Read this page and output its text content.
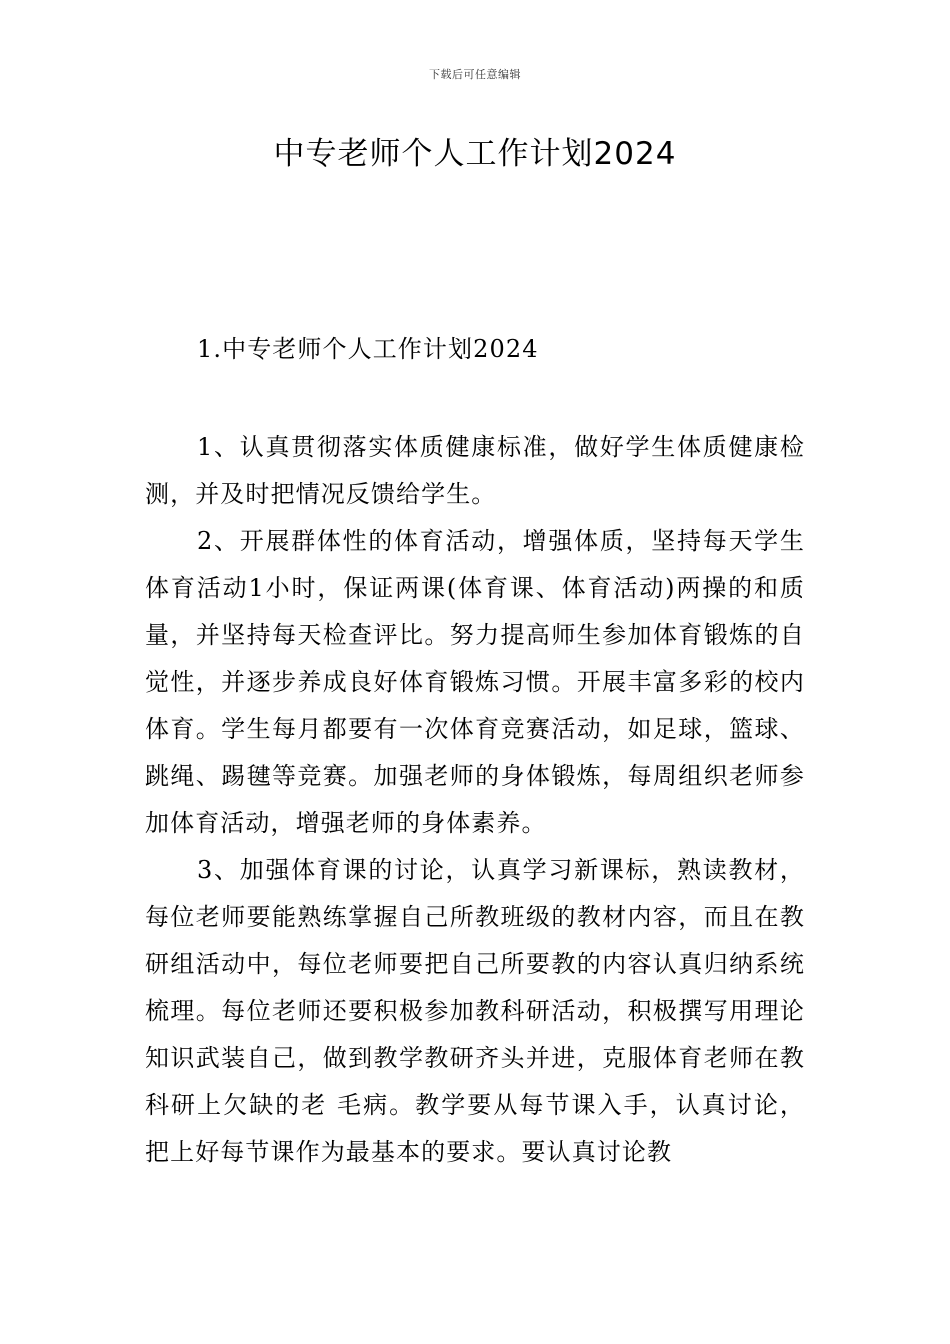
下载后可任意编辑
中专老师个人工作计划2024

1.中专老师个人工作计划2024

1、认真贯彻落实体质健康标准，做好学生体质健康检测，并及时把情况反馈给学生。

2、开展群体性的体育活动，增强体质，坚持每天学生体育活动1小时，保证两课(体育课、体育活动)两操的和质量，并坚持每天检查评比。努力提高师生参加体育锻炼的自觉性，并逐步养成良好体育锻炼习惯。开展丰富多彩的校内体育。学生每月都要有一次体育竞赛活动，如足球，篮球、跳绳、踢毽等竞赛。加强老师的身体锻炼，每周组织老师参加体育活动，增强老师的身体素养。

3、加强体育课的讨论，认真学习新课标，熟读教材，每位老师要能熟练掌握自己所教班级的教材内容，而且在教研组活动中，每位老师要把自己所要教的内容认真归纳系统梳理。每位老师还要积极参加教科研活动，积极撰写用理论知识武装自己，做到教学教研齐头并进，克服体育老师在教科研上欠缺的老 毛病。教学要从每节课入手，认真讨论，把上好每节课作为最基本的要求。要认真讨论教
